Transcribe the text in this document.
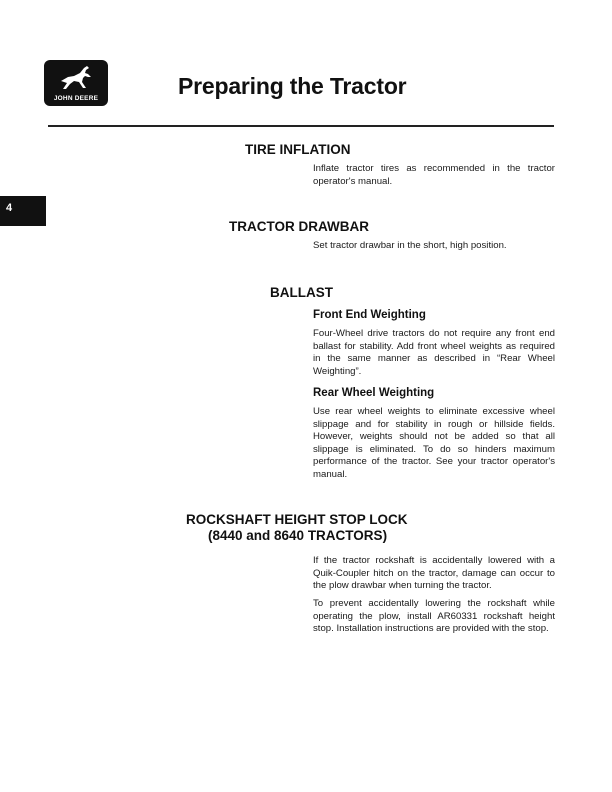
JOHN DEERE	Preparing the Tractor
4
TIRE INFLATION
Inflate tractor tires as recommended in the tractor operator's manual.
TRACTOR DRAWBAR
Set tractor drawbar in the short, high position.
BALLAST
Front End Weighting
Four-Wheel drive tractors do not require any front end ballast for stability. Add front wheel weights as required in the same manner as described in “Rear Wheel Weighting”.
Rear Wheel Weighting
Use rear wheel weights to eliminate excessive wheel slippage and for stability in rough or hillside fields. However, weights should not be added so that all slippage is eliminated. To do so hinders maximum performance of the tractor. See your tractor operator's manual.
ROCKSHAFT HEIGHT STOP LOCK
(8440 and 8640 TRACTORS)
If the tractor rockshaft is accidentally lowered with a Quik-Coupler hitch on the tractor, damage can occur to the plow drawbar when turning the tractor.
To prevent accidentally lowering the rockshaft while operating the plow, install AR60331 rockshaft height stop. Installation instructions are provided with the stop.
